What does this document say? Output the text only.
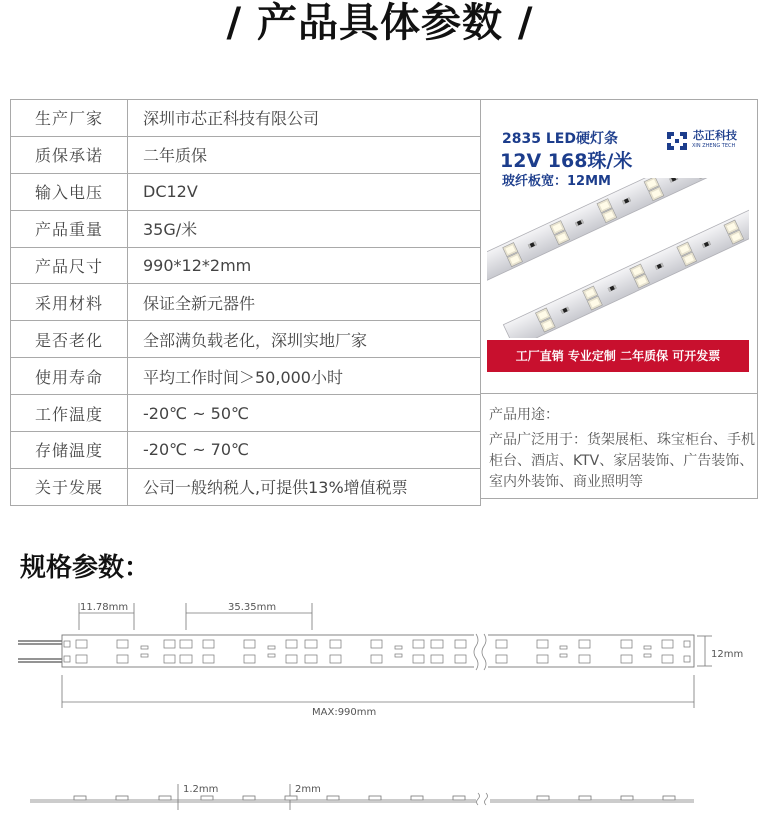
/ 产品具体参数 /
生产厂家	深圳市芯正科技有限公司
质保承诺	二年质保
输入电压	DC12V
产品重量	35G/米
产品尺寸	990*12*2mm
采用材料	保证全新元器件
是否老化	全部满负载老化，深圳实地厂家
使用寿命	平均工作时间＞50,000小时
工作温度	-20℃ ~ 50℃
存储温度	-20℃ ~ 70℃
关于发展	公司一般纳税人,可提供13%增值税票
2835 LED硬灯条
12V 168珠/米
玻纤板宽：12MM
芯正科技
XIN ZHENG TECH
工厂直销 专业定制 二年质保 可开发票
产品用途：
产品广泛用于：货架展柜、珠宝柜台、手机柜台、酒店、KTV、家居装饰、广告装饰、室内外装饰、商业照明等
规格参数：
11.78mm	35.35mm
12mm
MAX:990mm
1.2mm	2mm
